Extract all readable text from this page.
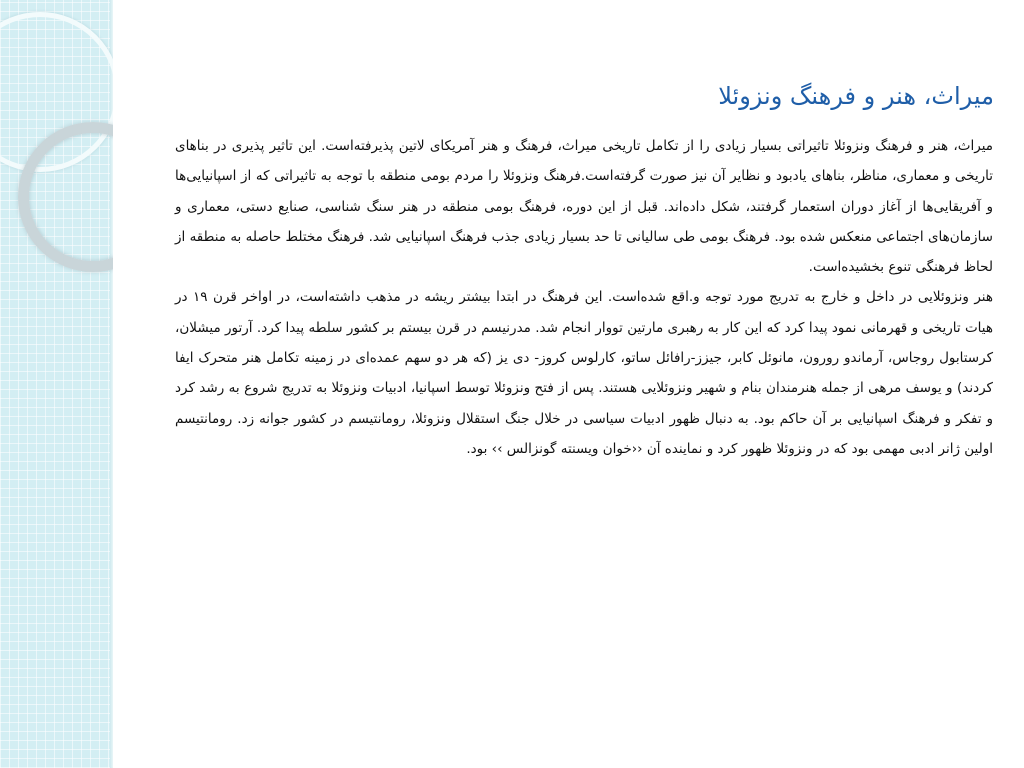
میراث، هنر و فرهنگ ونزوئلا

میراث، هنر و فرهنگ ونزوئلا تاثیراتی بسیار زیادی را از تکامل تاریخی میراث، فرهنگ و هنر آمریکای لاتین پذیرفته‌است. این تاثیر پذیری در بناهای تاریخی و معماری، مناظر، بناهای یادبود و نظایر آن نیز صورت گرفته‌است.فرهنگ ونزوئلا را مردم بومی منطقه با توجه به تاثیراتی که از اسپانیایی‌ها و آفریقایی‌ها از آغاز دوران استعمار گرفتند، شکل داده‌اند. قبل از این دوره، فرهنگ بومی منطقه در هنر سنگ شناسی، صنایع دستی، معماری و سازمان‌های اجتماعی منعکس شده بود. فرهنگ بومی طی سالیانی تا حد بسیار زیادی جذب فرهنگ اسپانیایی شد. فرهنگ مختلط حاصله به منطقه از لحاظ فرهنگی تنوع بخشیده‌است.

هنر ونزوئلایی در داخل و خارج به تدریج مورد توجه و.اقع شده‌است. این فرهنگ در ابتدا بیشتر ریشه در مذهب داشته‌است، در اواخر قرن ۱۹ در هیات تاریخی و قهرمانی نمود پیدا کرد که این کار به رهبری مارتین تووار انجام شد. مدرنیسم در قرن بیستم بر کشور سلطه پیدا کرد. آرتور میشلان، کرستابول روجاس، آرماندو رورون، مانوئل کابر، جیزز-رافائل ساتو، کارلوس کروز- دی یز (که هر دو سهم عمده‌ای در زمینه تکامل هنر متحرک ایفا کردند) و یوسف مرهی از جمله هنرمندان بنام و شهیر ونزوئلایی هستند. پس از فتح ونزوئلا توسط اسپانیا، ادبیات ونزوئلا به تدریج شروع به رشد کرد و تفکر و فرهنگ اسپانیایی بر آن حاکم بود. به دنبال ظهور ادبیات سیاسی در خلال جنگ استقلال ونزوئلا، رومانتیسم در کشور جوانه زد. رومانتیسم اولین ژانر ادبی مهمی بود که در ونزوئلا ظهور کرد و نماینده آن ‹‹خوان ویسنته گونزالس ›› بود.
